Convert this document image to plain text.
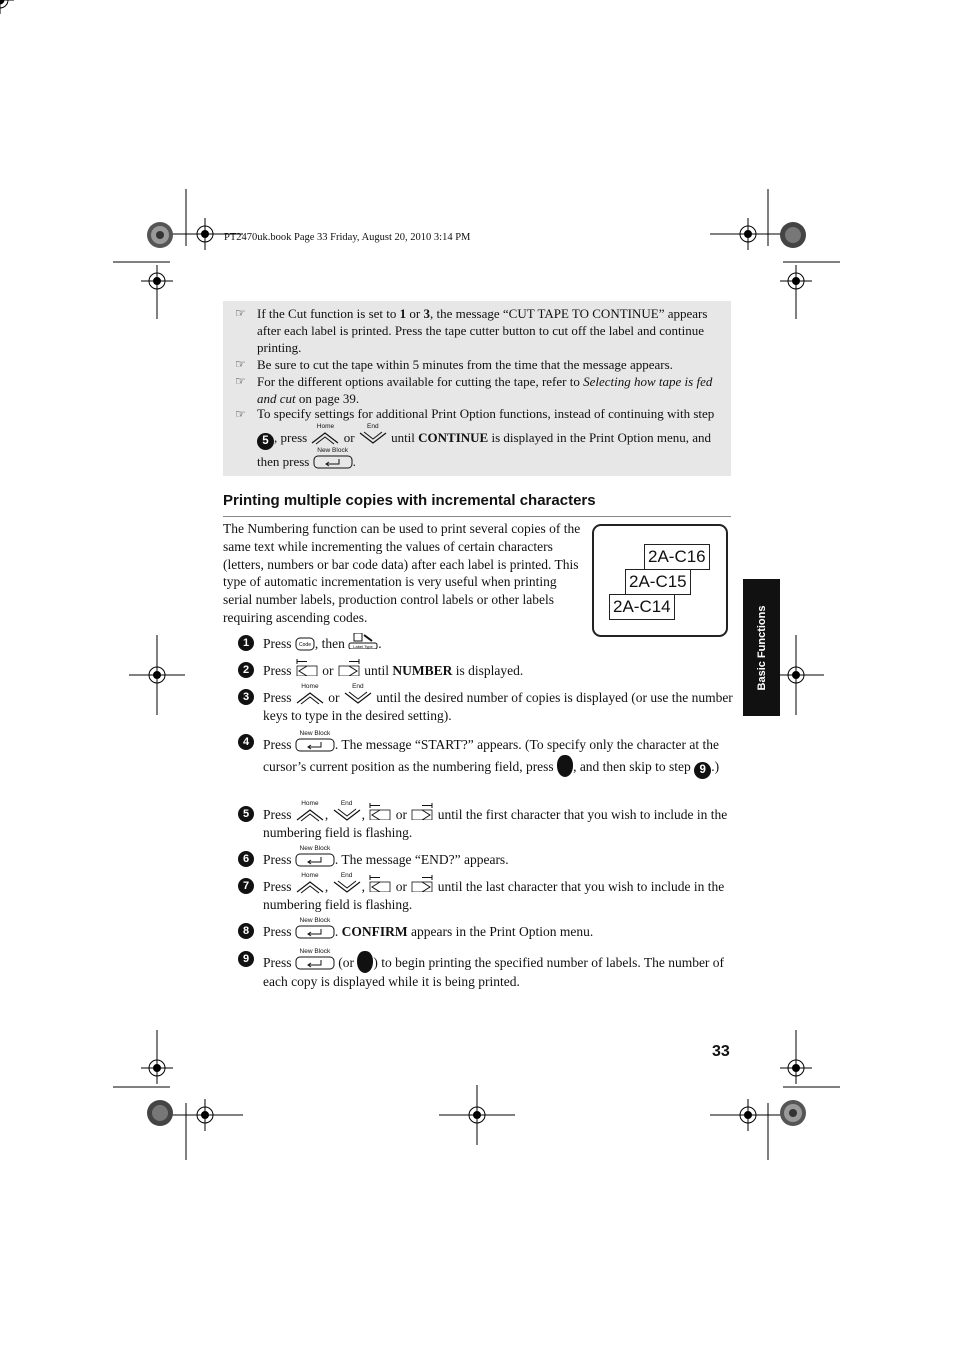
PT2470uk.book Page 33 Friday, August 20, 2010 3:14 PM
☞ If the Cut function is set to 1 or 3, the message “CUT TAPE TO CONTINUE” appears after each label is printed. Press the tape cutter button to cut off the label and continue printing.
☞ Be sure to cut the tape within 5 minutes from the time that the message appears.
☞ For the different options available for cutting the tape, refer to Selecting how tape is fed and cut on page 39.
☞ To specify settings for additional Print Option functions, instead of continuing with step 5 , press
Home
or
End
until CONTINUE is displayed in the Print Option menu, and then press
New Block
.
Printing multiple copies with incremental characters
The Numbering function can be used to print several copies of the same text while incrementing the values of certain characters (letters, numbers or bar code data) after each label is printed. This type of automatic incrementation is very useful when printing serial number labels, production control labels or other labels requiring ascending codes.
2A-C16
2A-C15
2A-C14
1	Press Code , then Label Type .
2	Press
or
until NUMBER is displayed.
3	Press
Home
or
End
until the desired number of copies is displayed (or use the number keys to type in the desired setting).
4	Press
New Block
. The message “START?” appears. (To specify only the character at the cursor’s current position as the numbering field, press , and then skip to step 9 .)
5	Press
Home
,
End
,
or
until the first character that you wish to include in the numbering field is flashing.
6	Press
New Block
. The message “END?” appears.
7	Press
Home
,
End
,
or
until the last character that you wish to include in the numbering field is flashing.
8	Press
New Block
. CONFIRM appears in the Print Option menu.
9	Press
New Block
(or ) to begin printing the specified number of labels. The number of each copy is displayed while it is being printed.
Basic Functions
33
